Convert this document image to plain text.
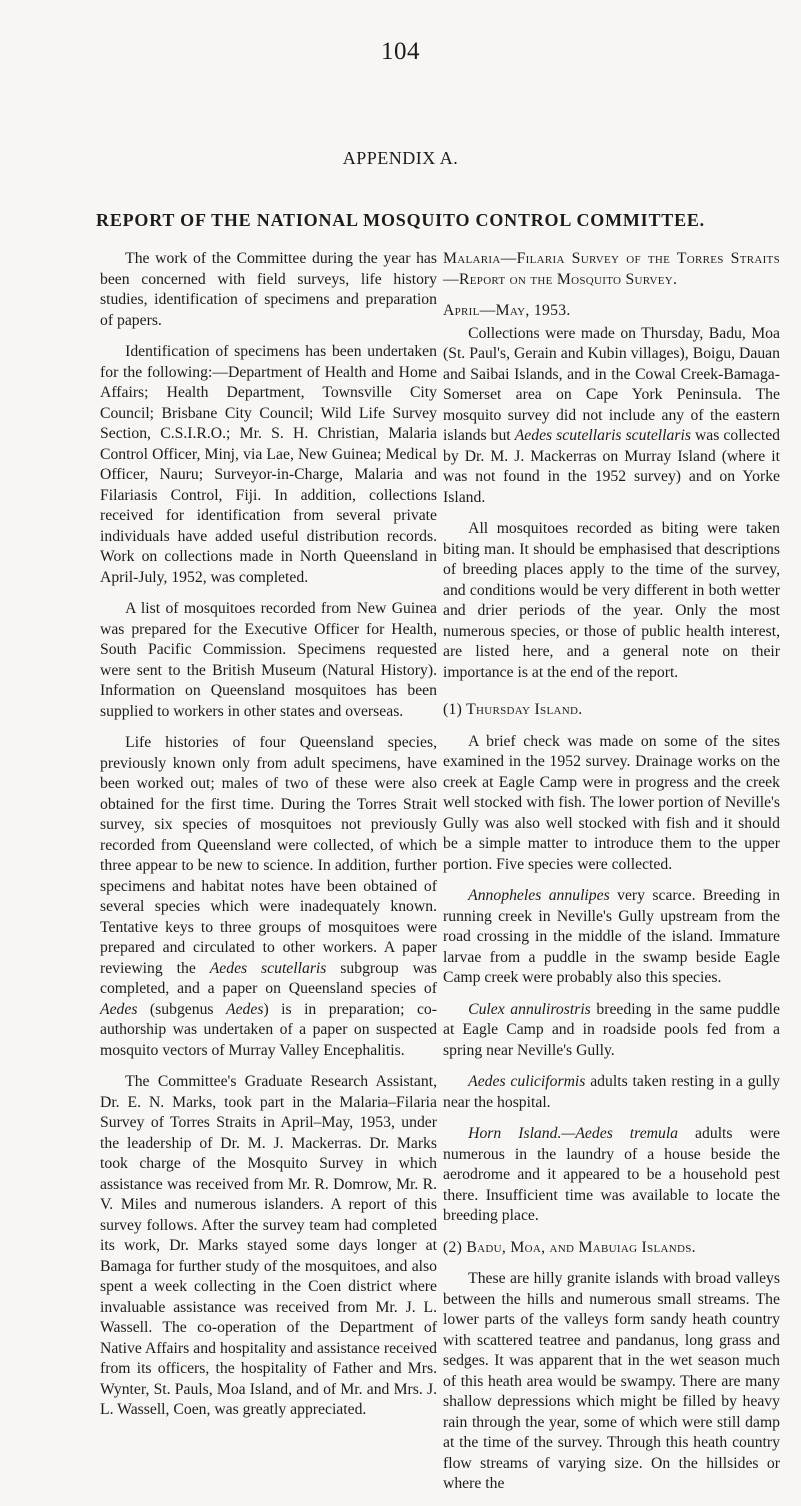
104
APPENDIX A.
REPORT OF THE NATIONAL MOSQUITO CONTROL COMMITTEE.

The work of the Committee during the year has been concerned with field surveys, life history studies, identification of specimens and preparation of papers.

Identification of specimens has been undertaken for the following:—Department of Health and Home Affairs; Health Department, Townsville City Council; Brisbane City Council; Wild Life Survey Section, C.S.I.R.O.; Mr. S. H. Christian, Malaria Control Officer, Minj, via Lae, New Guinea; Medical Officer, Nauru; Surveyor-in-Charge, Malaria and Filariasis Control, Fiji. In addition, collections received for identification from several private individuals have added useful distribution records. Work on collections made in North Queensland in April-July, 1952, was completed.

A list of mosquitoes recorded from New Guinea was prepared for the Executive Officer for Health, South Pacific Commission. Specimens requested were sent to the British Museum (Natural History). Information on Queensland mosquitoes has been supplied to workers in other states and overseas.

Life histories of four Queensland species, previously known only from adult specimens, have been worked out; males of two of these were also obtained for the first time. During the Torres Strait survey, six species of mosquitoes not previously recorded from Queensland were collected, of which three appear to be new to science. In addition, further specimens and habitat notes have been obtained of several species which were inadequately known. Tentative keys to three groups of mosquitoes were prepared and circulated to other workers. A paper reviewing the Aedes scutellaris subgroup was completed, and a paper on Queensland species of Aedes (subgenus Aedes) is in preparation; co-authorship was undertaken of a paper on suspected mosquito vectors of Murray Valley Encephalitis.

The Committee's Graduate Research Assistant, Dr. E. N. Marks, took part in the Malaria–Filaria Survey of Torres Straits in April–May, 1953, under the leadership of Dr. M. J. Mackerras. Dr. Marks took charge of the Mosquito Survey in which assistance was received from Mr. R. Domrow, Mr. R. V. Miles and numerous islanders. A report of this survey follows. After the survey team had completed its work, Dr. Marks stayed some days longer at Bamaga for further study of the mosquitoes, and also spent a week collecting in the Coen district where invaluable assistance was received from Mr. J. L. Wassell. The co-operation of the Department of Native Affairs and hospitality and assistance received from its officers, the hospitality of Father and Mrs. Wynter, St. Pauls, Moa Island, and of Mr. and Mrs. J. L. Wassell, Coen, was greatly appreciated.

Malaria—Filaria Survey of the Torres Straits—Report on the Mosquito Survey.

April—May, 1953.

Collections were made on Thursday, Badu, Moa (St. Paul's, Gerain and Kubin villages), Boigu, Dauan and Saibai Islands, and in the Cowal Creek-Bamaga-Somerset area on Cape York Peninsula. The mosquito survey did not include any of the eastern islands but Aedes scutellaris scutellaris was collected by Dr. M. J. Mackerras on Murray Island (where it was not found in the 1952 survey) and on Yorke Island.

All mosquitoes recorded as biting were taken biting man. It should be emphasised that descriptions of breeding places apply to the time of the survey, and conditions would be very different in both wetter and drier periods of the year. Only the most numerous species, or those of public health interest, are listed here, and a general note on their importance is at the end of the report.

(1) Thursday Island.

A brief check was made on some of the sites examined in the 1952 survey. Drainage works on the creek at Eagle Camp were in progress and the creek well stocked with fish. The lower portion of Neville's Gully was also well stocked with fish and it should be a simple matter to introduce them to the upper portion. Five species were collected.

Annopheles annulipes very scarce. Breeding in running creek in Neville's Gully upstream from the road crossing in the middle of the island. Immature larvae from a puddle in the swamp beside Eagle Camp creek were probably also this species.

Culex annulirostris breeding in the same puddle at Eagle Camp and in roadside pools fed from a spring near Neville's Gully.

Aedes culiciformis adults taken resting in a gully near the hospital.

Horn Island.—Aedes tremula adults were numerous in the laundry of a house beside the aerodrome and it appeared to be a household pest there. Insufficient time was available to locate the breeding place.

(2) Badu, Moa, and Mabuiag Islands.

These are hilly granite islands with broad valleys between the hills and numerous small streams. The lower parts of the valleys form sandy heath country with scattered teatree and pandanus, long grass and sedges. It was apparent that in the wet season much of this heath area would be swampy. There are many shallow depressions which might be filled by heavy rain through the year, some of which were still damp at the time of the survey. Through this heath country flow streams of varying size. On the hillsides or where the
